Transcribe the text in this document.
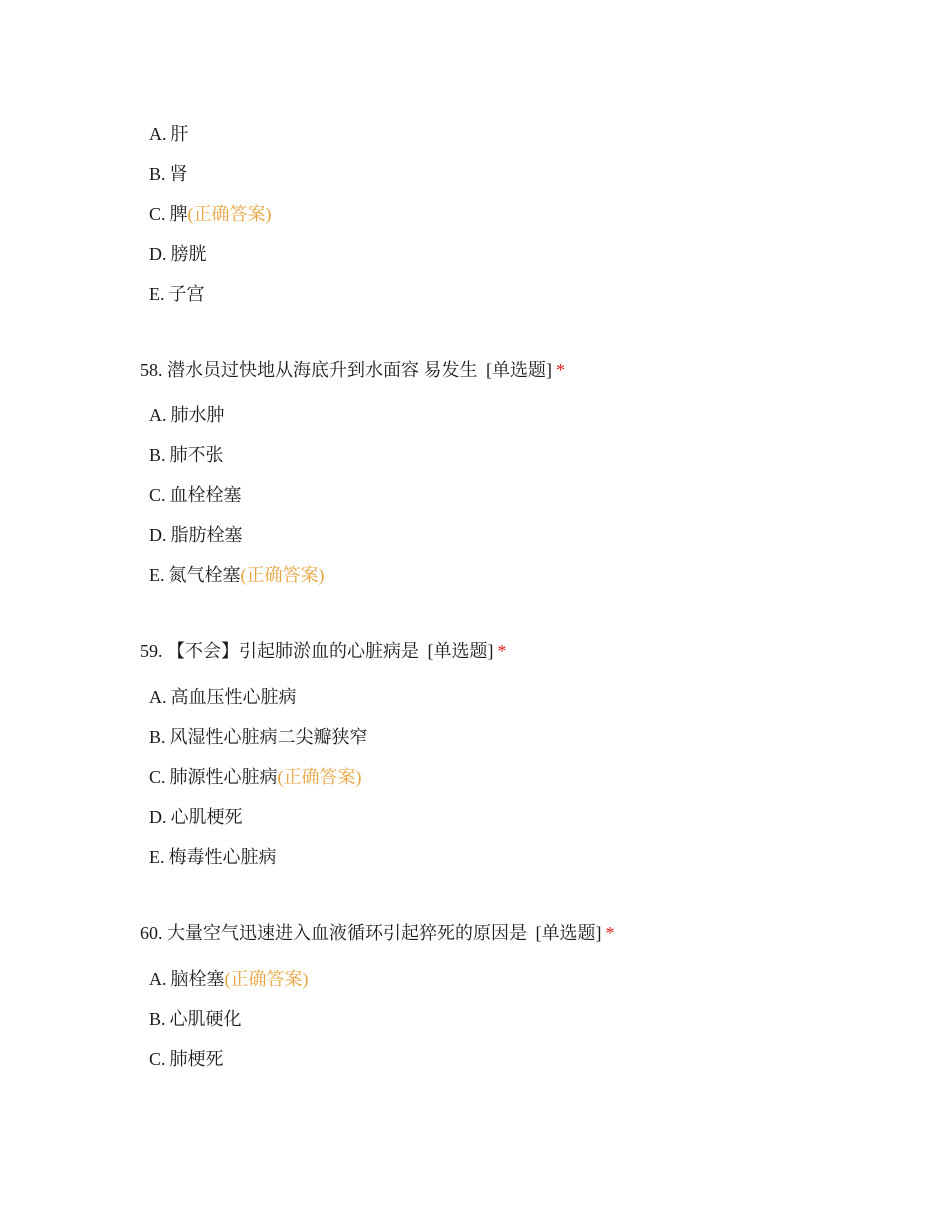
A. 肝
B. 肾
C. 脾(正确答案)
D. 膀胱
E. 子宫
58. 潜水员过快地从海底升到水面容 易发生 [单选题] *
A. 肺水肿
B. 肺不张
C. 血栓栓塞
D. 脂肪栓塞
E. 氮气栓塞(正确答案)
59. 【不会】引起肺淤血的心脏病是 [单选题] *
A. 高血压性心脏病
B. 风湿性心脏病二尖瓣狭窄
C. 肺源性心脏病(正确答案)
D. 心肌梗死
E. 梅毒性心脏病
60. 大量空气迅速进入血液循环引起猝死的原因是 [单选题] *
A. 脑栓塞(正确答案)
B. 心肌硬化
C. 肺梗死
